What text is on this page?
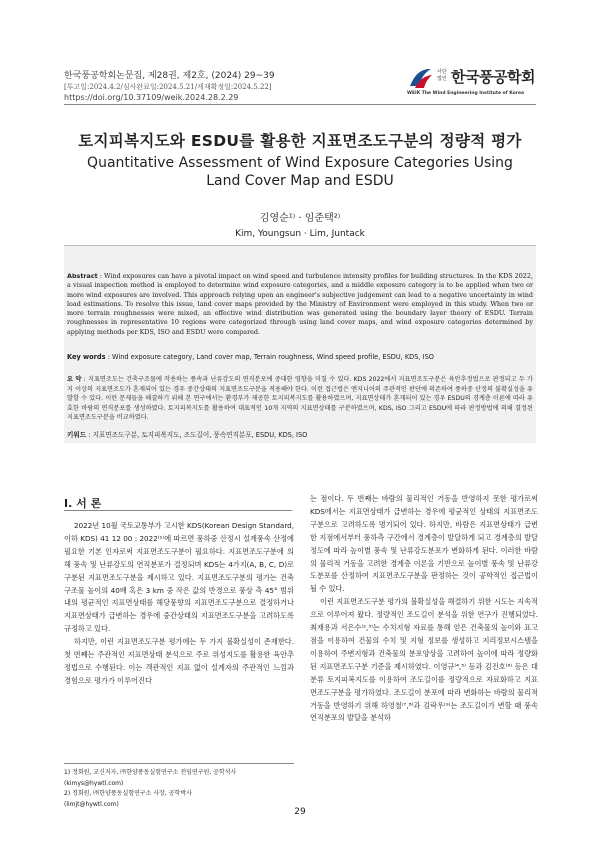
한국풍공학회논문집, 제28권, 제2호, (2024) 29~39
[투고일:2024.4.2/심사완료일:2024.5.21/게재확정일:2024.5.22]
https://doi.org/10.37109/weik.2024.28.2.29
사단 법인 한국풍공학회
WEIK The Wind Engineering Institute of Korea
토지피복지도와 ESDU를 활용한 지표면조도구분의 정량적 평가
Quantitative Assessment of Wind Exposure Categories Using Land Cover Map and ESDU
김영순¹⁾ · 임준택²⁾
Kim, Youngsun · Lim, Juntack
Abstract : Wind exposures can have a pivotal impact on wind speed and turbulence intensity profiles for building structures. In the KDS 2022, a visual inspection method is employed to determine wind exposure categories, and a middle exposure category is to be applied when two or more wind exposures are involved. This approach relying upon an engineer's subjective judgement can lead to a negative uncertainty in wind load estimations. To resolve this issue, land cover maps provided by the Ministry of Environment were employed in this study. When two or more terrain roughnesses were mixed, an effective wind distribution was generated using the boundary layer theory of ESDU. Terrain roughnesses in representative 10 regions were categorized through using land cover maps, and wind exposure categories determined by applying methods per KDS, ISO and ESDU were compared.
Key words : Wind exposure category, Land cover map, Terrain roughness, Wind speed profile, ESDU, KDS, ISO
요 약 : 지표면조도는 건축구조물에 작용하는 풍속과 난류강도의 연직분포에 중대한 영향을 미칠 수 있다. KDS 2022에서 지표면조도구분은 육안추정법으로 판정되고 두 가지 이상의 지표면조도가 혼재되어 있는 경우 중간상태의 지표면조도구분을 적용해야 한다. 이런 접근법은 엔지니어의 주관적인 판단에 의존하여 풍하중 산정의 불확실성을 유발할 수 있다. 이런 문제들을 해결하기 위해 본 연구에서는 환경부가 제공한 토지피복지도를 활용하였으며, 지표면상태가 혼재되어 있는 경우 ESDU의 경계층 이론에 따라 유효한 바람의 연직분포를 생성하였다. 토지피복지도를 활용하여 대표적인 10개 지역의 지표면상태를 구분하였으며, KDS, ISO 그리고 ESDU에 따라 판정방법에 의해 결정된 지표면조도구분을 비교하였다.
키워드 : 지표면조도구분, 토지피복지도, 조도길이, 풍속연직분포, ESDU, KDS, ISO
I. 서 론

2022년 10월 국토교통부가 고시한 KDS(Korean Design Standard, 이하 KDS) 41 12 00 : 2022⁽¹⁾에 따르면 풍하중 산정시 설계풍속 산정에 필요한 기본 인자로써 지표면조도구분이 필요하다. 지표면조도구분에 의해 풍속 및 난류강도의 연직분포가 결정되며 KDS는 4가지(A, B, C, D)로 구분된 지표면조도구분을 제시하고 있다. 지표면조도구분의 평가는 건축구조물 높이의 40배 혹은 3 km 중 작은 값의 반경으로 풍상 측 45° 범위 내의 평균적인 지표면상태를 해당풍향의 지표면조도구분으로 결정하거나 지표면상태가 급변하는 경우에 중간상태의 지표면조도구분을 고려하도록 규정하고 있다.

하지만, 이런 지표면조도구분 평가에는 두 가지 불확실성이 존재한다. 첫 번째는 주관적인 지표면상태 분석으로 주로 위성지도를 활용한 육안추정법으로 수행된다. 이는 객관적인 지표 없이 설계자의 주관적인 느낌과 경험으로 평가가 이루어진다

는 점이다. 두 번째는 바람의 물리적인 거동을 반영하지 못한 평가로써 KDS에서는 지표면상태가 급변하는 경우에 평균적인 상태의 지표면조도구분으로 고려하도록 명기되어 있다. 하지만, 바람은 지표면상태가 급변한 지점에서부터 풍하측 구간에서 경계층이 발달하게 되고 경계층의 발달정도에 따라 높이별 풍속 및 난류강도분포가 변화하게 된다. 이러한 바람의 물리적 거동을 고려한 경계층 이론을 기반으로 높이별 풍속 및 난류강도분포를 산정하여 지표면조도구분을 판정하는 것이 공학적인 접근법이 될 수 있다.

이런 지표면조도구분 평가의 불확실성을 해결하기 위한 시도는 지속적으로 이루어져 왔다. 정량적인 조도길이 분석을 위한 연구가 진행되었다. 최재용과 서은수⁽²,³⁾는 수치지형 자료를 통해 얻은 건축물의 높이와 표고점을 이용하여 건물의 수치 및 지형 정보를 생성하고 지리정보시스템을 이용하여 주변지형과 건축물의 분포양상을 고려하여 높이에 따라 정량화된 지표면조도구분 기준을 제시하였다. 이영규⁽⁴,⁵⁾ 등과 김진호⁽⁶⁾ 등은 대분류 토지피복지도를 이용하여 조도길이를 정량적으로 자료화하고 지표면조도구분을 평가하였다. 조도길이 분포에 따라 변화하는 바람의 물리적 거동을 반영하기 위해 하영철⁽⁷,⁸⁾과 김락우⁽⁹⁾는 조도길이가 변할 때 풍속연직분포의 발달을 분석하

1) 정회원, 교신저자, ㈜한양풍동실험연구소 전임연구원, 공학석사
(kimys@hywtl.com)
2) 정회원, ㈜한양풍동실험연구소 사장, 공학박사
(limjt@hywtl.com)
29
